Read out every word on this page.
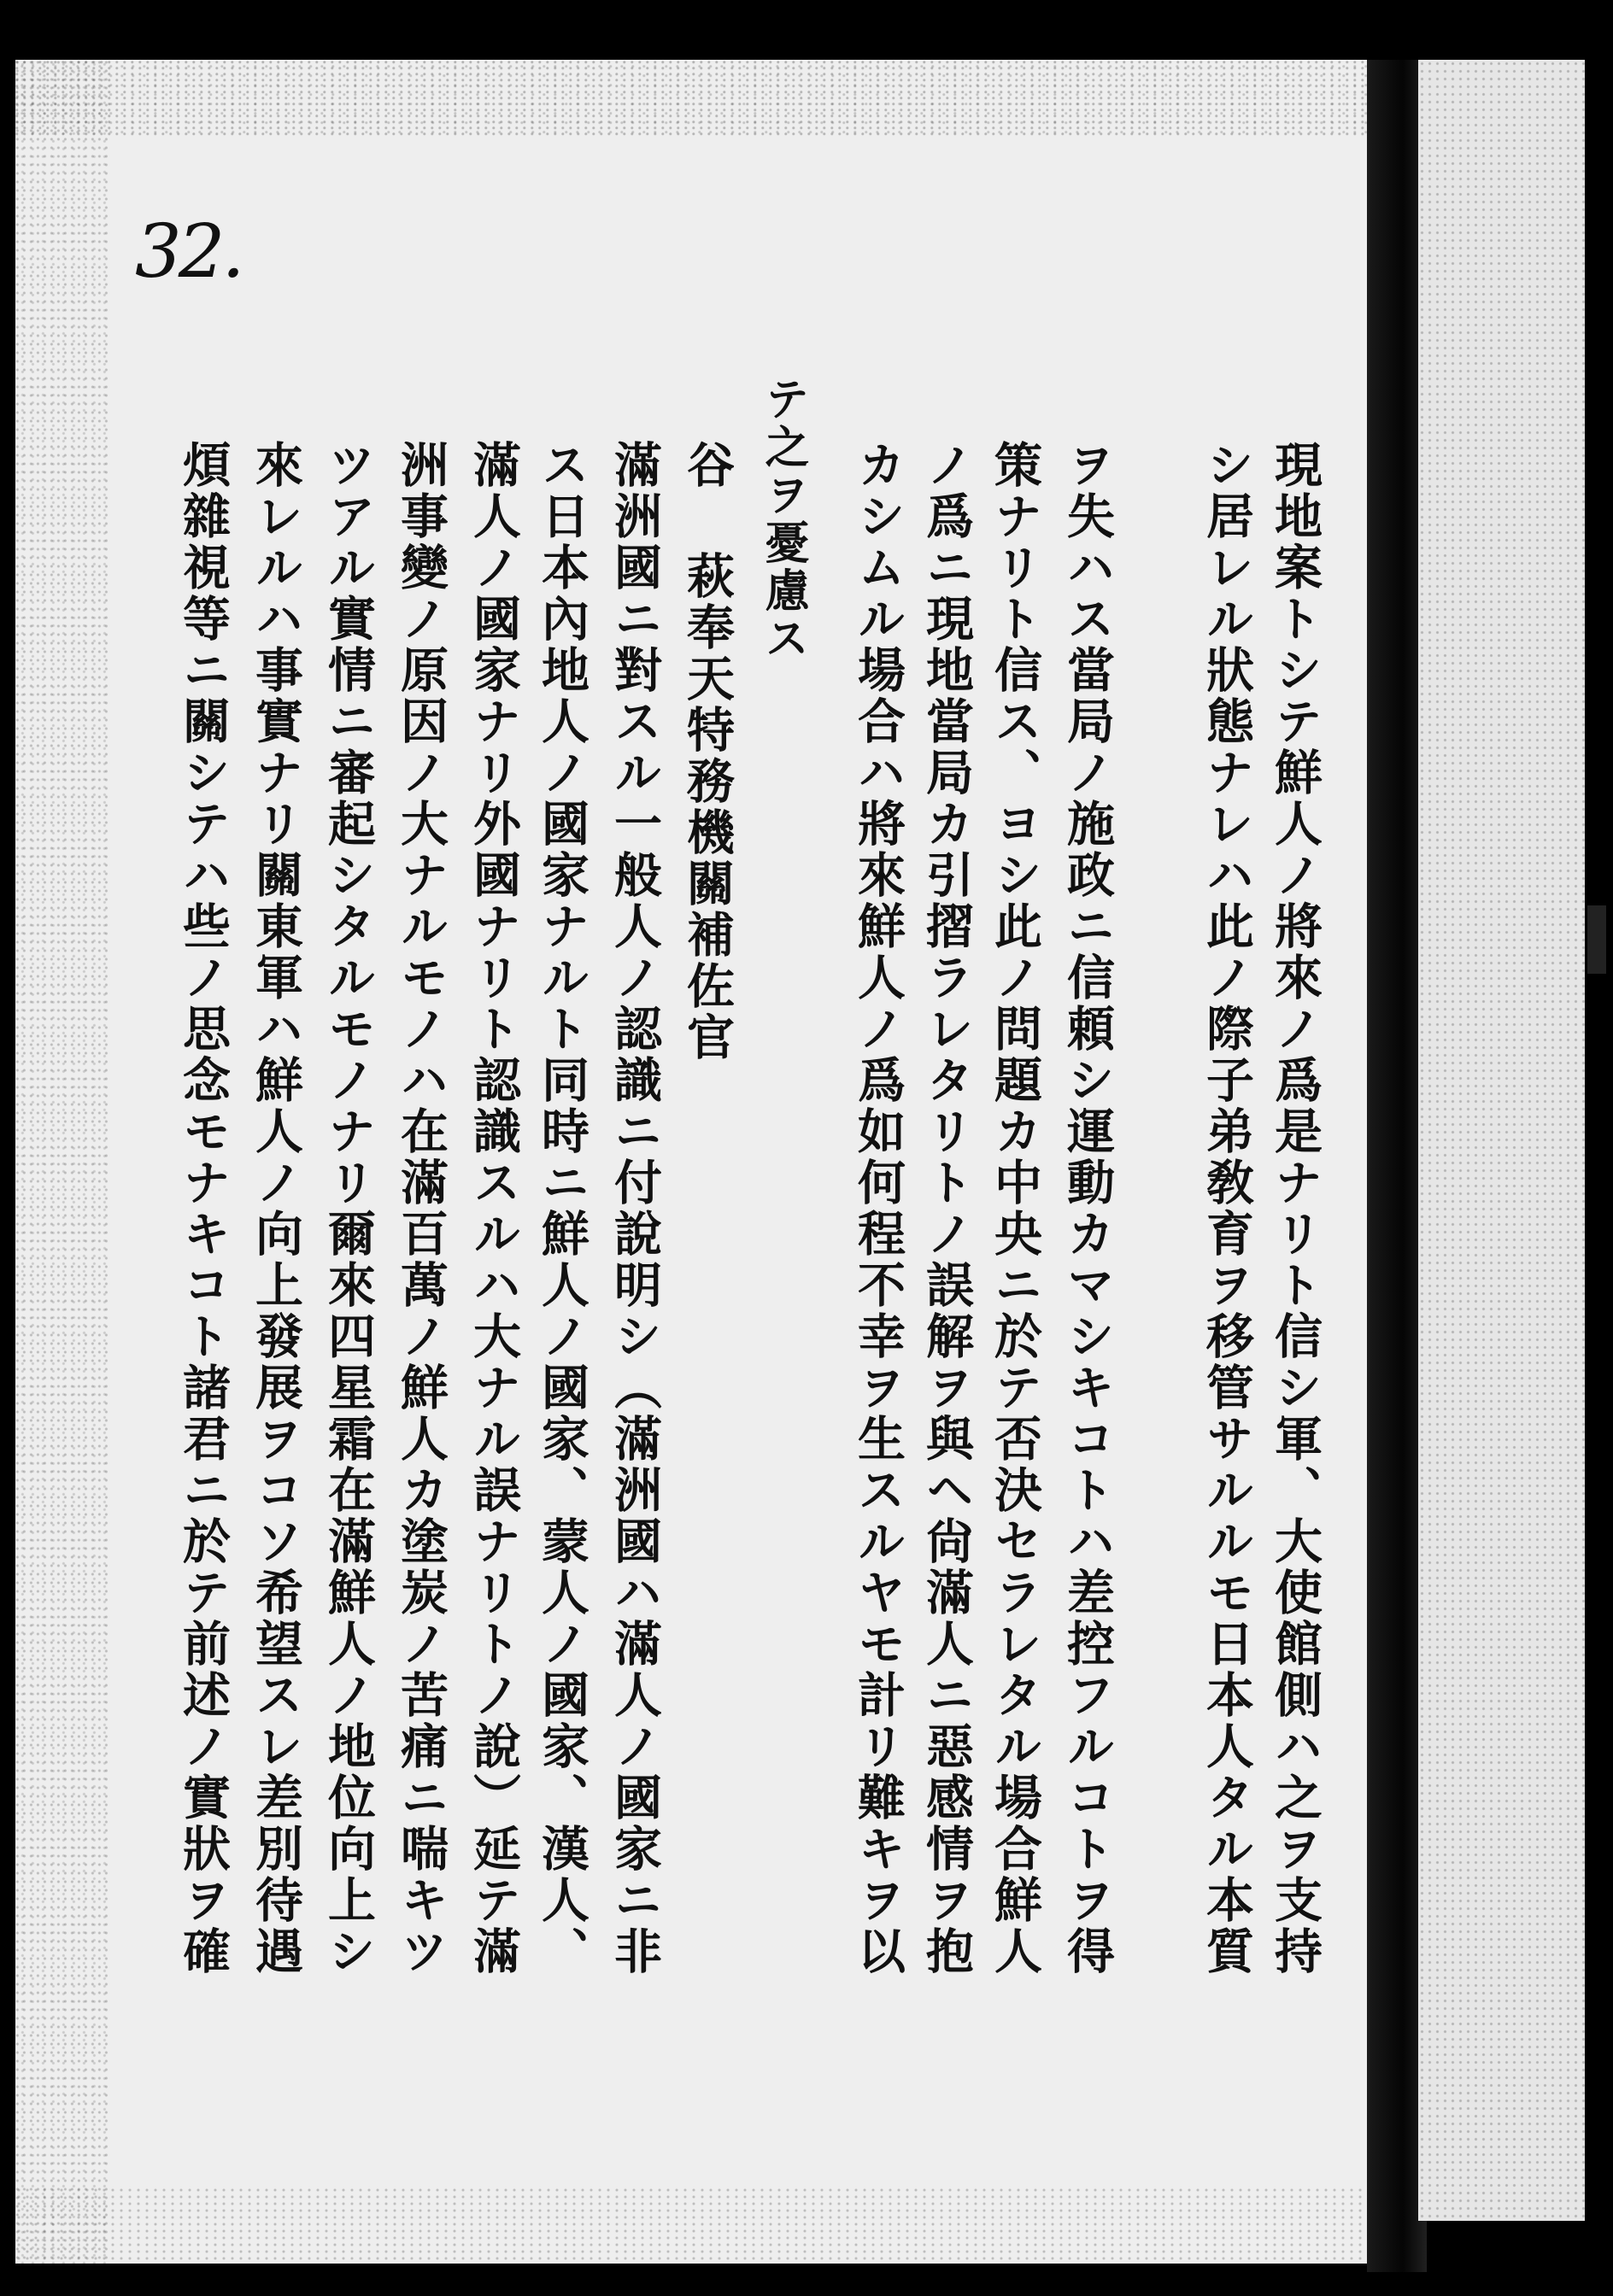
32.
現地案トシテ鮮人ノ將來ノ爲是ナリト信シ軍、大使館側ハ之ヲ支持
シ居レル狀態ナレハ此ノ際子弟敎育ヲ移管サルルモ日本人タル本質
ヲ失ハス當局ノ施政ニ信頼シ運動カマシキコトハ差控フルコトヲ得
策ナリト信ス、ヨシ此ノ問題カ中央ニ於テ否決セラレタル場合鮮人
ノ爲ニ現地當局カ引摺ラレタリトノ誤解ヲ與ヘ尙滿人ニ惡感情ヲ抱
カシムル場合ハ將來鮮人ノ爲如何程不幸ヲ生スルヤモ計リ難キヲ以
テ之ヲ憂慮ス
谷 萩奉天特務機關補佐官
滿洲國ニ對スル一般人ノ認識ニ付說明シ（滿洲國ハ滿人ノ國家ニ非
ス日本內地人ノ國家ナルト同時ニ鮮人ノ國家、蒙人ノ國家、漢人、
滿人ノ國家ナリ外國ナリト認識スルハ大ナル誤ナリトノ說）延テ滿
洲事變ノ原因ノ大ナルモノハ在滿百萬ノ鮮人カ塗炭ノ苦痛ニ喘キツ
ツアル實情ニ審起シタルモノナリ爾來四星霜在滿鮮人ノ地位向上シ
來レルハ事實ナリ關東軍ハ鮮人ノ向上發展ヲコソ希望スレ差別待遇
煩雜視等ニ關シテハ些ノ思念モナキコト諸君ニ於テ前述ノ實狀ヲ確
